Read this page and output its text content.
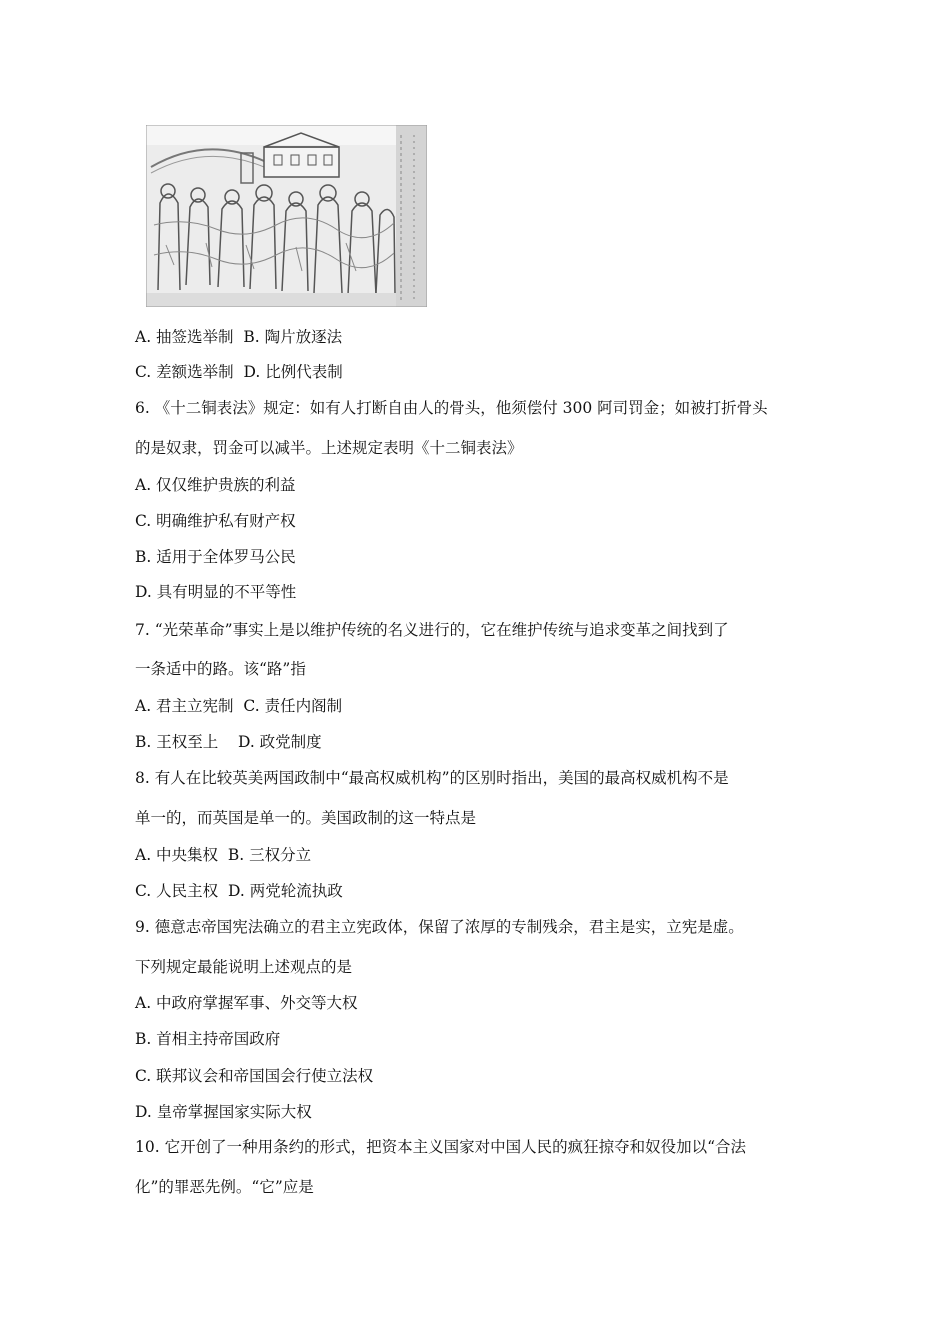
A. 抽签选举制  B. 陶片放逐法
C. 差额选举制  D. 比例代表制
6. 《十二铜表法》规定：如有人打断自由人的骨头，他须偿付 300 阿司罚金；如被打折骨头
的是奴隶，罚金可以减半。上述规定表明《十二铜表法》
A. 仅仅维护贵族的利益
C. 明确维护私有财产权
B. 适用于全体罗马公民
D. 具有明显的不平等性
7. “光荣革命”事实上是以维护传统的名义进行的，它在维护传统与追求变革之间找到了
一条适中的路。该“路”指
A. 君主立宪制  C. 责任内阁制
B. 王权至上    D. 政党制度
8. 有人在比较英美两国政制中“最高权威机构”的区别时指出，美国的最高权威机构不是
单一的，而英国是单一的。美国政制的这一特点是
A. 中央集权  B. 三权分立
C. 人民主权  D. 两党轮流执政
9. 德意志帝国宪法确立的君主立宪政体，保留了浓厚的专制残余，君主是实，立宪是虚。
下列规定最能说明上述观点的是
A. 中政府掌握军事、外交等大权
B. 首相主持帝国政府
C. 联邦议会和帝国国会行使立法权
D. 皇帝掌握国家实际大权
10. 它开创了一种用条约的形式，把资本主义国家对中国人民的疯狂掠夺和奴役加以“合法
化”的罪恶先例。“它”应是
